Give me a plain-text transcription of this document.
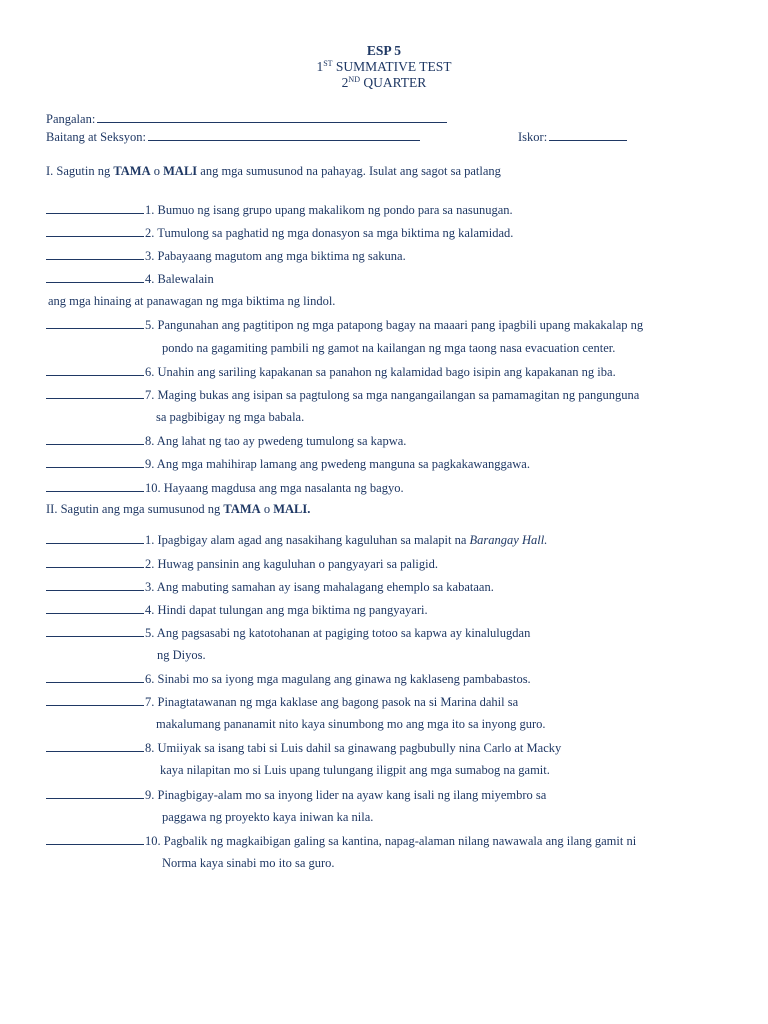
ESP 5
1ST SUMMATIVE TEST
2ND QUARTER
Pangalan:
Baitang at Seksyon:	Iskor:
I. Sagutin ng TAMA o MALI ang mga sumusunod na pahayag. Isulat ang sagot sa patlang
1. Bumuo ng isang grupo upang makalikom ng pondo para sa nasunugan.
2. Tumulong sa paghatid ng mga donasyon sa mga biktima ng kalamidad.
3. Pabayaang magutom ang mga biktima ng sakuna.
4. Balewalain
ang mga hinaing at panawagan ng mga biktima ng lindol.
5. Pangunahan ang pagtitipon ng mga patapong bagay na maaari pang ipagbili upang makakalap ng
pondo na gagamiting pambili ng gamot na kailangan ng mga taong nasa evacuation center.
6. Unahin ang sariling kapakanan sa panahon ng kalamidad bago isipin ang kapakanan ng iba.
7. Maging bukas ang isipan sa pagtulong sa mga nangangailangan sa pamamagitan ng pangunguna
sa pagbibigay ng mga babala.
8. Ang lahat ng tao ay pwedeng tumulong sa kapwa.
9. Ang mga mahihirap lamang ang pwedeng manguna sa pagkakawanggawa.
10. Hayaang magdusa ang mga nasalanta ng bagyo.
II. Sagutin ang mga sumusunod ng TAMA o MALI.
1. Ipagbigay alam agad ang nasakihang kaguluhan sa malapit na Barangay Hall.
2. Huwag pansinin ang kaguluhan o pangyayari sa paligid.
3. Ang mabuting samahan ay isang mahalagang ehemplo sa kabataan.
4. Hindi dapat tulungan ang mga biktima ng pangyayari.
5. Ang pagsasabi ng katotohanan at pagiging totoo sa kapwa ay kinalulugdan
ng Diyos.
6. Sinabi mo sa iyong mga magulang ang ginawa ng kaklaseng pambabastos.
7. Pinagtatawanan ng mga kaklase ang bagong pasok na si Marina dahil sa
makalumang pananamit nito kaya sinumbong mo ang mga ito sa inyong guro.
8. Umiiyak sa isang tabi si Luis dahil sa ginawang pagbubully nina Carlo at Macky
kaya nilapitan mo si Luis upang tulungang iligpit ang mga sumabog na gamit.
9. Pinagbigay-alam mo sa inyong lider na ayaw kang isali ng ilang miyembro sa
paggawa ng proyekto kaya iniwan ka nila.
10. Pagbalik ng magkaibigan galing sa kantina, napag-alaman nilang nawawala ang ilang gamit ni
Norma kaya sinabi mo ito sa guro.
